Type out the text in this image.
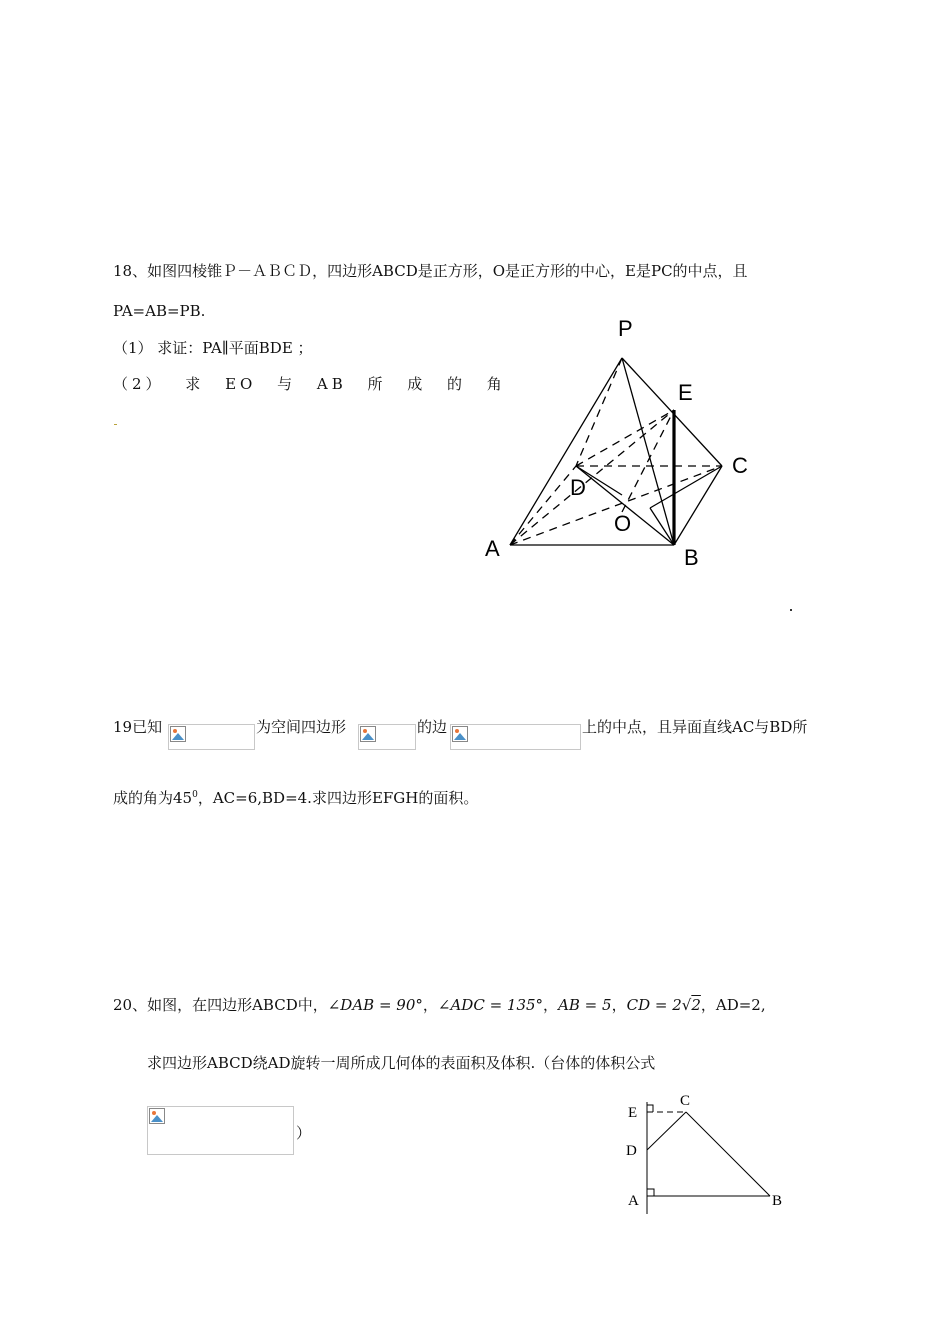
18、如图四棱锥Ｐ－ＡＢＣＤ，四边形ABCD是正方形，O是正方形的中心，E是PC的中点，且
PA=AB=PB.
（1） 求证：PA∥平面BDE ；
（2） 求 EO 与 AB 所 成 的 角
P
E
C
D
O
A	B
19已知	为空间四边形	的边	上的中点，且异面直线AC与BD所
成的角为$45^0$，AC=6,BD=4.求四边形EFGH的面积。
20、如图，在四边形ABCD中，∠DAB = 90°，∠ADC = 135°，AB = 5，CD = 2√2，AD=2,
求四边形ABCD绕AD旋转一周所成几何体的表面积及体积.（台体的体积公式
）
E
C
D
A	B
